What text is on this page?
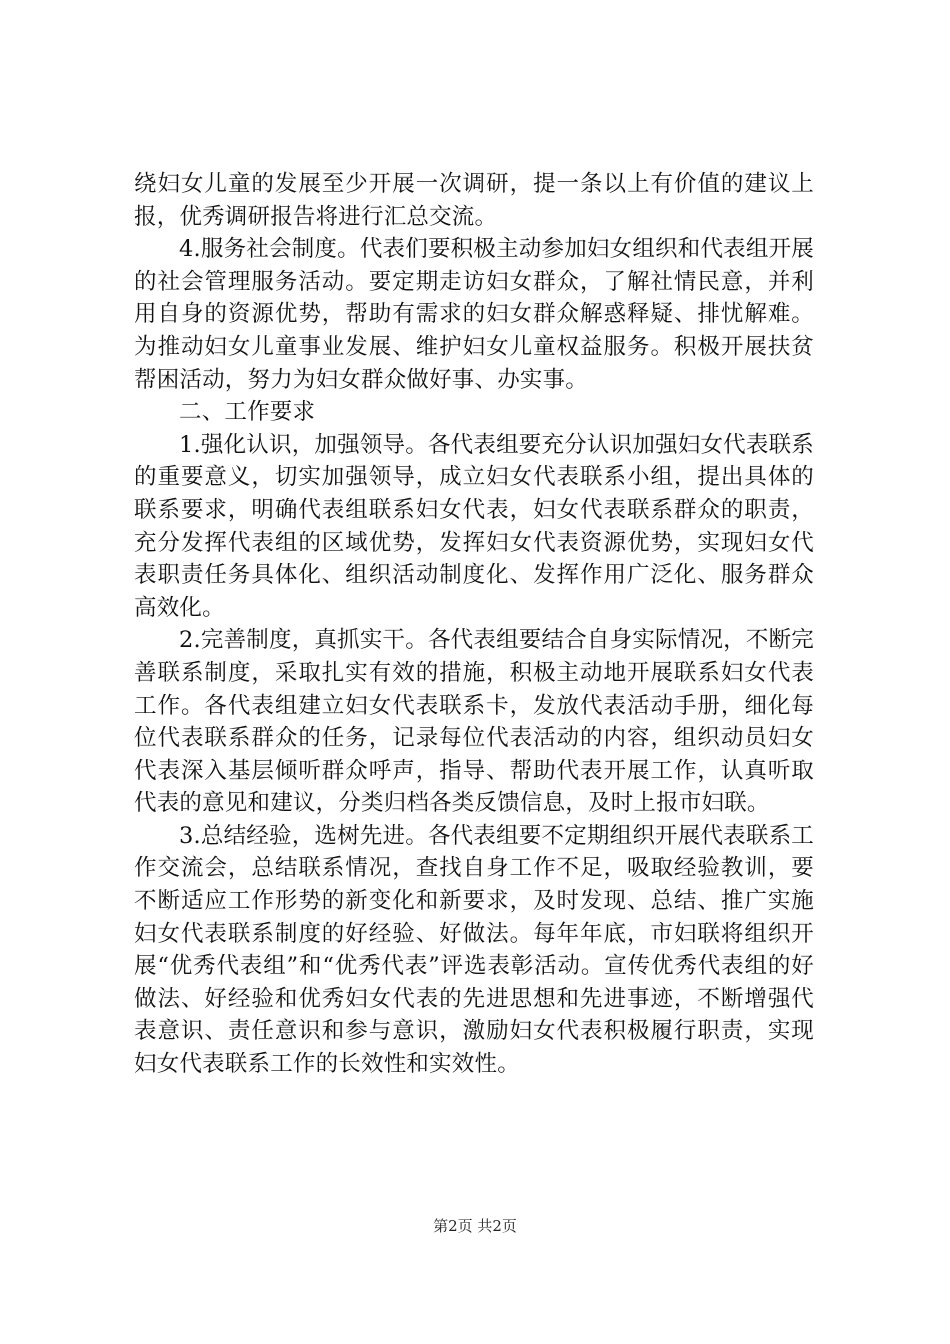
绕妇女儿童的发展至少开展一次调研，提一条以上有价值的建议上报，优秀调研报告将进行汇总交流。

4.服务社会制度。代表们要积极主动参加妇女组织和代表组开展的社会管理服务活动。要定期走访妇女群众，了解社情民意，并利用自身的资源优势，帮助有需求的妇女群众解惑释疑、排忧解难。为推动妇女儿童事业发展、维护妇女儿童权益服务。积极开展扶贫帮困活动，努力为妇女群众做好事、办实事。

二、工作要求

1.强化认识，加强领导。各代表组要充分认识加强妇女代表联系的重要意义，切实加强领导，成立妇女代表联系小组，提出具体的联系要求，明确代表组联系妇女代表，妇女代表联系群众的职责，充分发挥代表组的区域优势，发挥妇女代表资源优势，实现妇女代表职责任务具体化、组织活动制度化、发挥作用广泛化、服务群众高效化。

2.完善制度，真抓实干。各代表组要结合自身实际情况，不断完善联系制度，采取扎实有效的措施，积极主动地开展联系妇女代表工作。各代表组建立妇女代表联系卡，发放代表活动手册，细化每位代表联系群众的任务，记录每位代表活动的内容，组织动员妇女代表深入基层倾听群众呼声，指导、帮助代表开展工作，认真听取代表的意见和建议，分类归档各类反馈信息，及时上报市妇联。

3.总结经验，选树先进。各代表组要不定期组织开展代表联系工作交流会，总结联系情况，查找自身工作不足，吸取经验教训，要不断适应工作形势的新变化和新要求，及时发现、总结、推广实施妇女代表联系制度的好经验、好做法。每年年底，市妇联将组织开展“优秀代表组”和“优秀代表”评选表彰活动。宣传优秀代表组的好做法、好经验和优秀妇女代表的先进思想和先进事迹，不断增强代表意识、责任意识和参与意识，激励妇女代表积极履行职责，实现妇女代表联系工作的长效性和实效性。

第2页 共2页
